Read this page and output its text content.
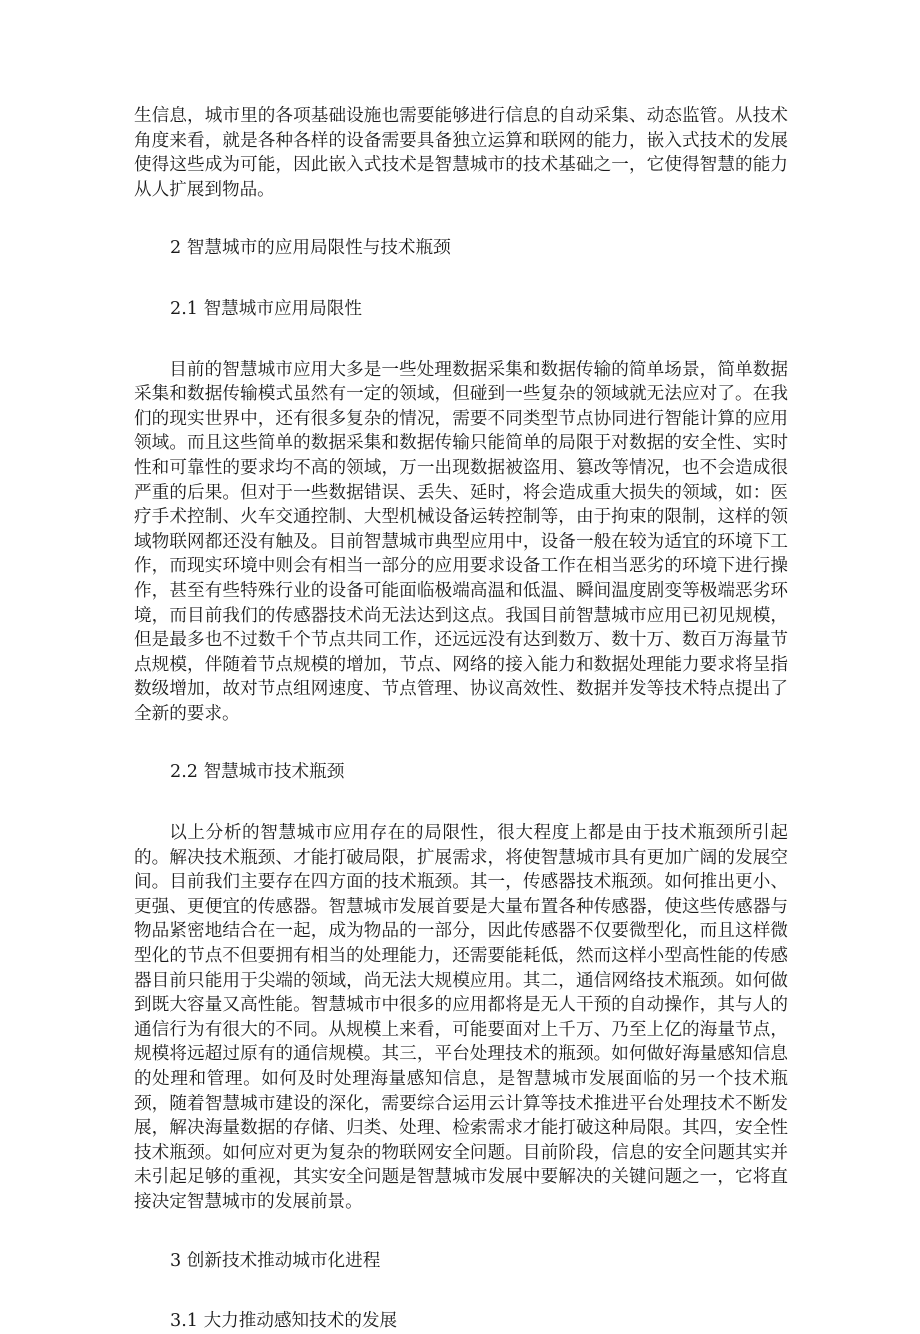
生信息，城市里的各项基础设施也需要能够进行信息的自动采集、动态监管。从技术角度来看，就是各种各样的设备需要具备独立运算和联网的能力，嵌入式技术的发展使得这些成为可能，因此嵌入式技术是智慧城市的技术基础之一，它使得智慧的能力从人扩展到物品。

2 智慧城市的应用局限性与技术瓶颈

2.1 智慧城市应用局限性

目前的智慧城市应用大多是一些处理数据采集和数据传输的简单场景，简单数据采集和数据传输模式虽然有一定的领域，但碰到一些复杂的领域就无法应对了。在我们的现实世界中，还有很多复杂的情况，需要不同类型节点协同进行智能计算的应用领域。而且这些简单的数据采集和数据传输只能简单的局限于对数据的安全性、实时性和可靠性的要求均不高的领域，万一出现数据被盗用、篡改等情况，也不会造成很严重的后果。但对于一些数据错误、丢失、延时，将会造成重大损失的领域，如：医疗手术控制、火车交通控制、大型机械设备运转控制等，由于拘束的限制，这样的领域物联网都还没有触及。目前智慧城市典型应用中，设备一般在较为适宜的环境下工作，而现实环境中则会有相当一部分的应用要求设备工作在相当恶劣的环境下进行操作，甚至有些特殊行业的设备可能面临极端高温和低温、瞬间温度剧变等极端恶劣环境，而目前我们的传感器技术尚无法达到这点。我国目前智慧城市应用已初见规模，但是最多也不过数千个节点共同工作，还远远没有达到数万、数十万、数百万海量节点规模，伴随着节点规模的增加，节点、网络的接入能力和数据处理能力要求将呈指数级增加，故对节点组网速度、节点管理、协议高效性、数据并发等技术特点提出了全新的要求。

2.2 智慧城市技术瓶颈

以上分析的智慧城市应用存在的局限性，很大程度上都是由于技术瓶颈所引起的。解决技术瓶颈、才能打破局限，扩展需求，将使智慧城市具有更加广阔的发展空间。目前我们主要存在四方面的技术瓶颈。其一，传感器技术瓶颈。如何推出更小、更强、更便宜的传感器。智慧城市发展首要是大量布置各种传感器，使这些传感器与物品紧密地结合在一起，成为物品的一部分，因此传感器不仅要微型化，而且这样微型化的节点不但要拥有相当的处理能力，还需要能耗低，然而这样小型高性能的传感器目前只能用于尖端的领域，尚无法大规模应用。其二，通信网络技术瓶颈。如何做到既大容量又高性能。智慧城市中很多的应用都将是无人干预的自动操作，其与人的通信行为有很大的不同。从规模上来看，可能要面对上千万、乃至上亿的海量节点，规模将远超过原有的通信规模。其三，平台处理技术的瓶颈。如何做好海量感知信息的处理和管理。如何及时处理海量感知信息，是智慧城市发展面临的另一个技术瓶颈，随着智慧城市建设的深化，需要综合运用云计算等技术推进平台处理技术不断发展，解决海量数据的存储、归类、处理、检索需求才能打破这种局限。其四，安全性技术瓶颈。如何应对更为复杂的物联网安全问题。目前阶段，信息的安全问题其实并未引起足够的重视，其实安全问题是智慧城市发展中要解决的关键问题之一，它将直接决定智慧城市的发展前景。

3 创新技术推动城市化进程

3.1 大力推动感知技术的发展
